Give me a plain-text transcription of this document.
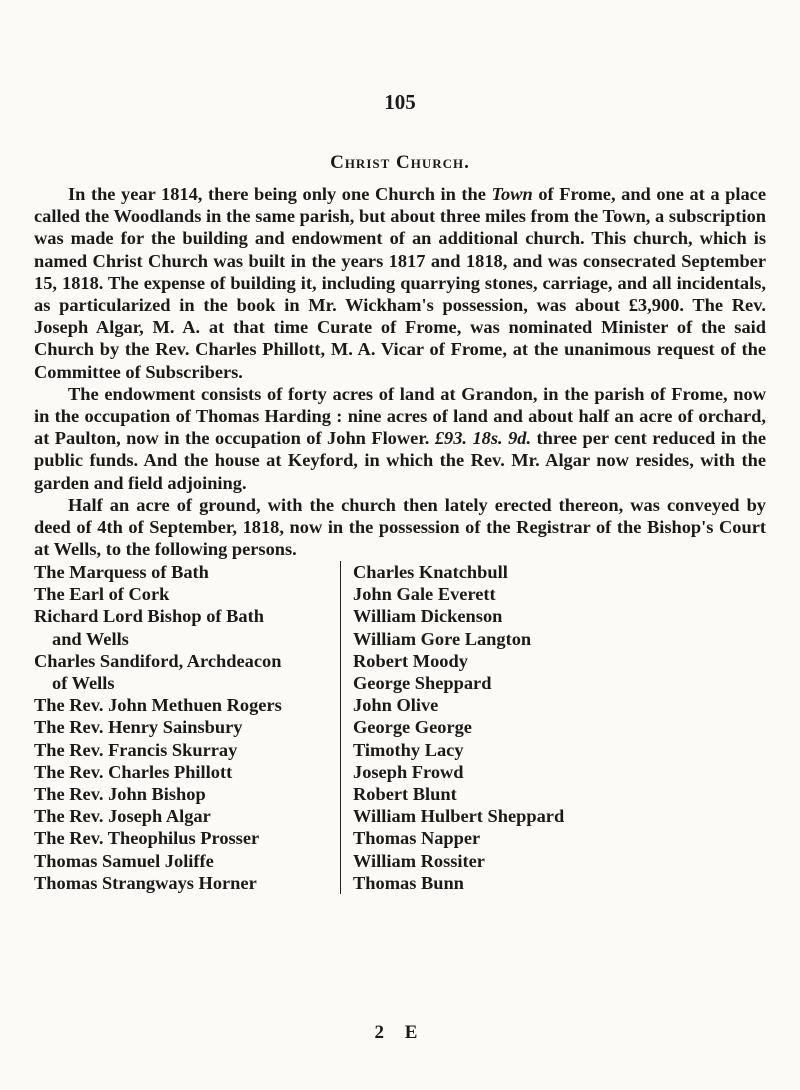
105
Christ Church.

In the year 1814, there being only one Church in the Town of Frome, and one at a place called the Woodlands in the same parish, but about three miles from the Town, a subscription was made for the building and endowment of an additional church. This church, which is named Christ Church was built in the years 1817 and 1818, and was consecrated September 15, 1818. The expense of building it, including quarrying stones, carriage, and all incidentals, as particularized in the book in Mr. Wickham's possession, was about £3,900. The Rev. Joseph Algar, M. A. at that time Curate of Frome, was nominated Minister of the said Church by the Rev. Charles Phillott, M. A. Vicar of Frome, at the unanimous request of the Committee of Subscribers.

The endowment consists of forty acres of land at Grandon, in the parish of Frome, now in the occupation of Thomas Harding : nine acres of land and about half an acre of orchard, at Paulton, now in the occupation of John Flower. £93. 18s. 9d. three per cent reduced in the public funds. And the house at Keyford, in which the Rev. Mr. Algar now resides, with the garden and field adjoining.

Half an acre of ground, with the church then lately erected thereon, was conveyed by deed of 4th of September, 1818, now in the possession of the Registrar of the Bishop's Court at Wells, to the following persons.

The Marquess of Bath
The Earl of Cork
Richard Lord Bishop of Bath
and Wells
Charles Sandiford, Archdeacon
of Wells
The Rev. John Methuen Rogers
The Rev. Henry Sainsbury
The Rev. Francis Skurray
The Rev. Charles Phillott
The Rev. John Bishop
The Rev. Joseph Algar
The Rev. Theophilus Prosser
Thomas Samuel Joliffe
Thomas Strangways Horner
Charles Knatchbull
John Gale Everett
William Dickenson
William Gore Langton
Robert Moody
George Sheppard
John Olive
George George
Timothy Lacy
Joseph Frowd
Robert Blunt
William Hulbert Sheppard
Thomas Napper
William Rossiter
Thomas Bunn
2 E
